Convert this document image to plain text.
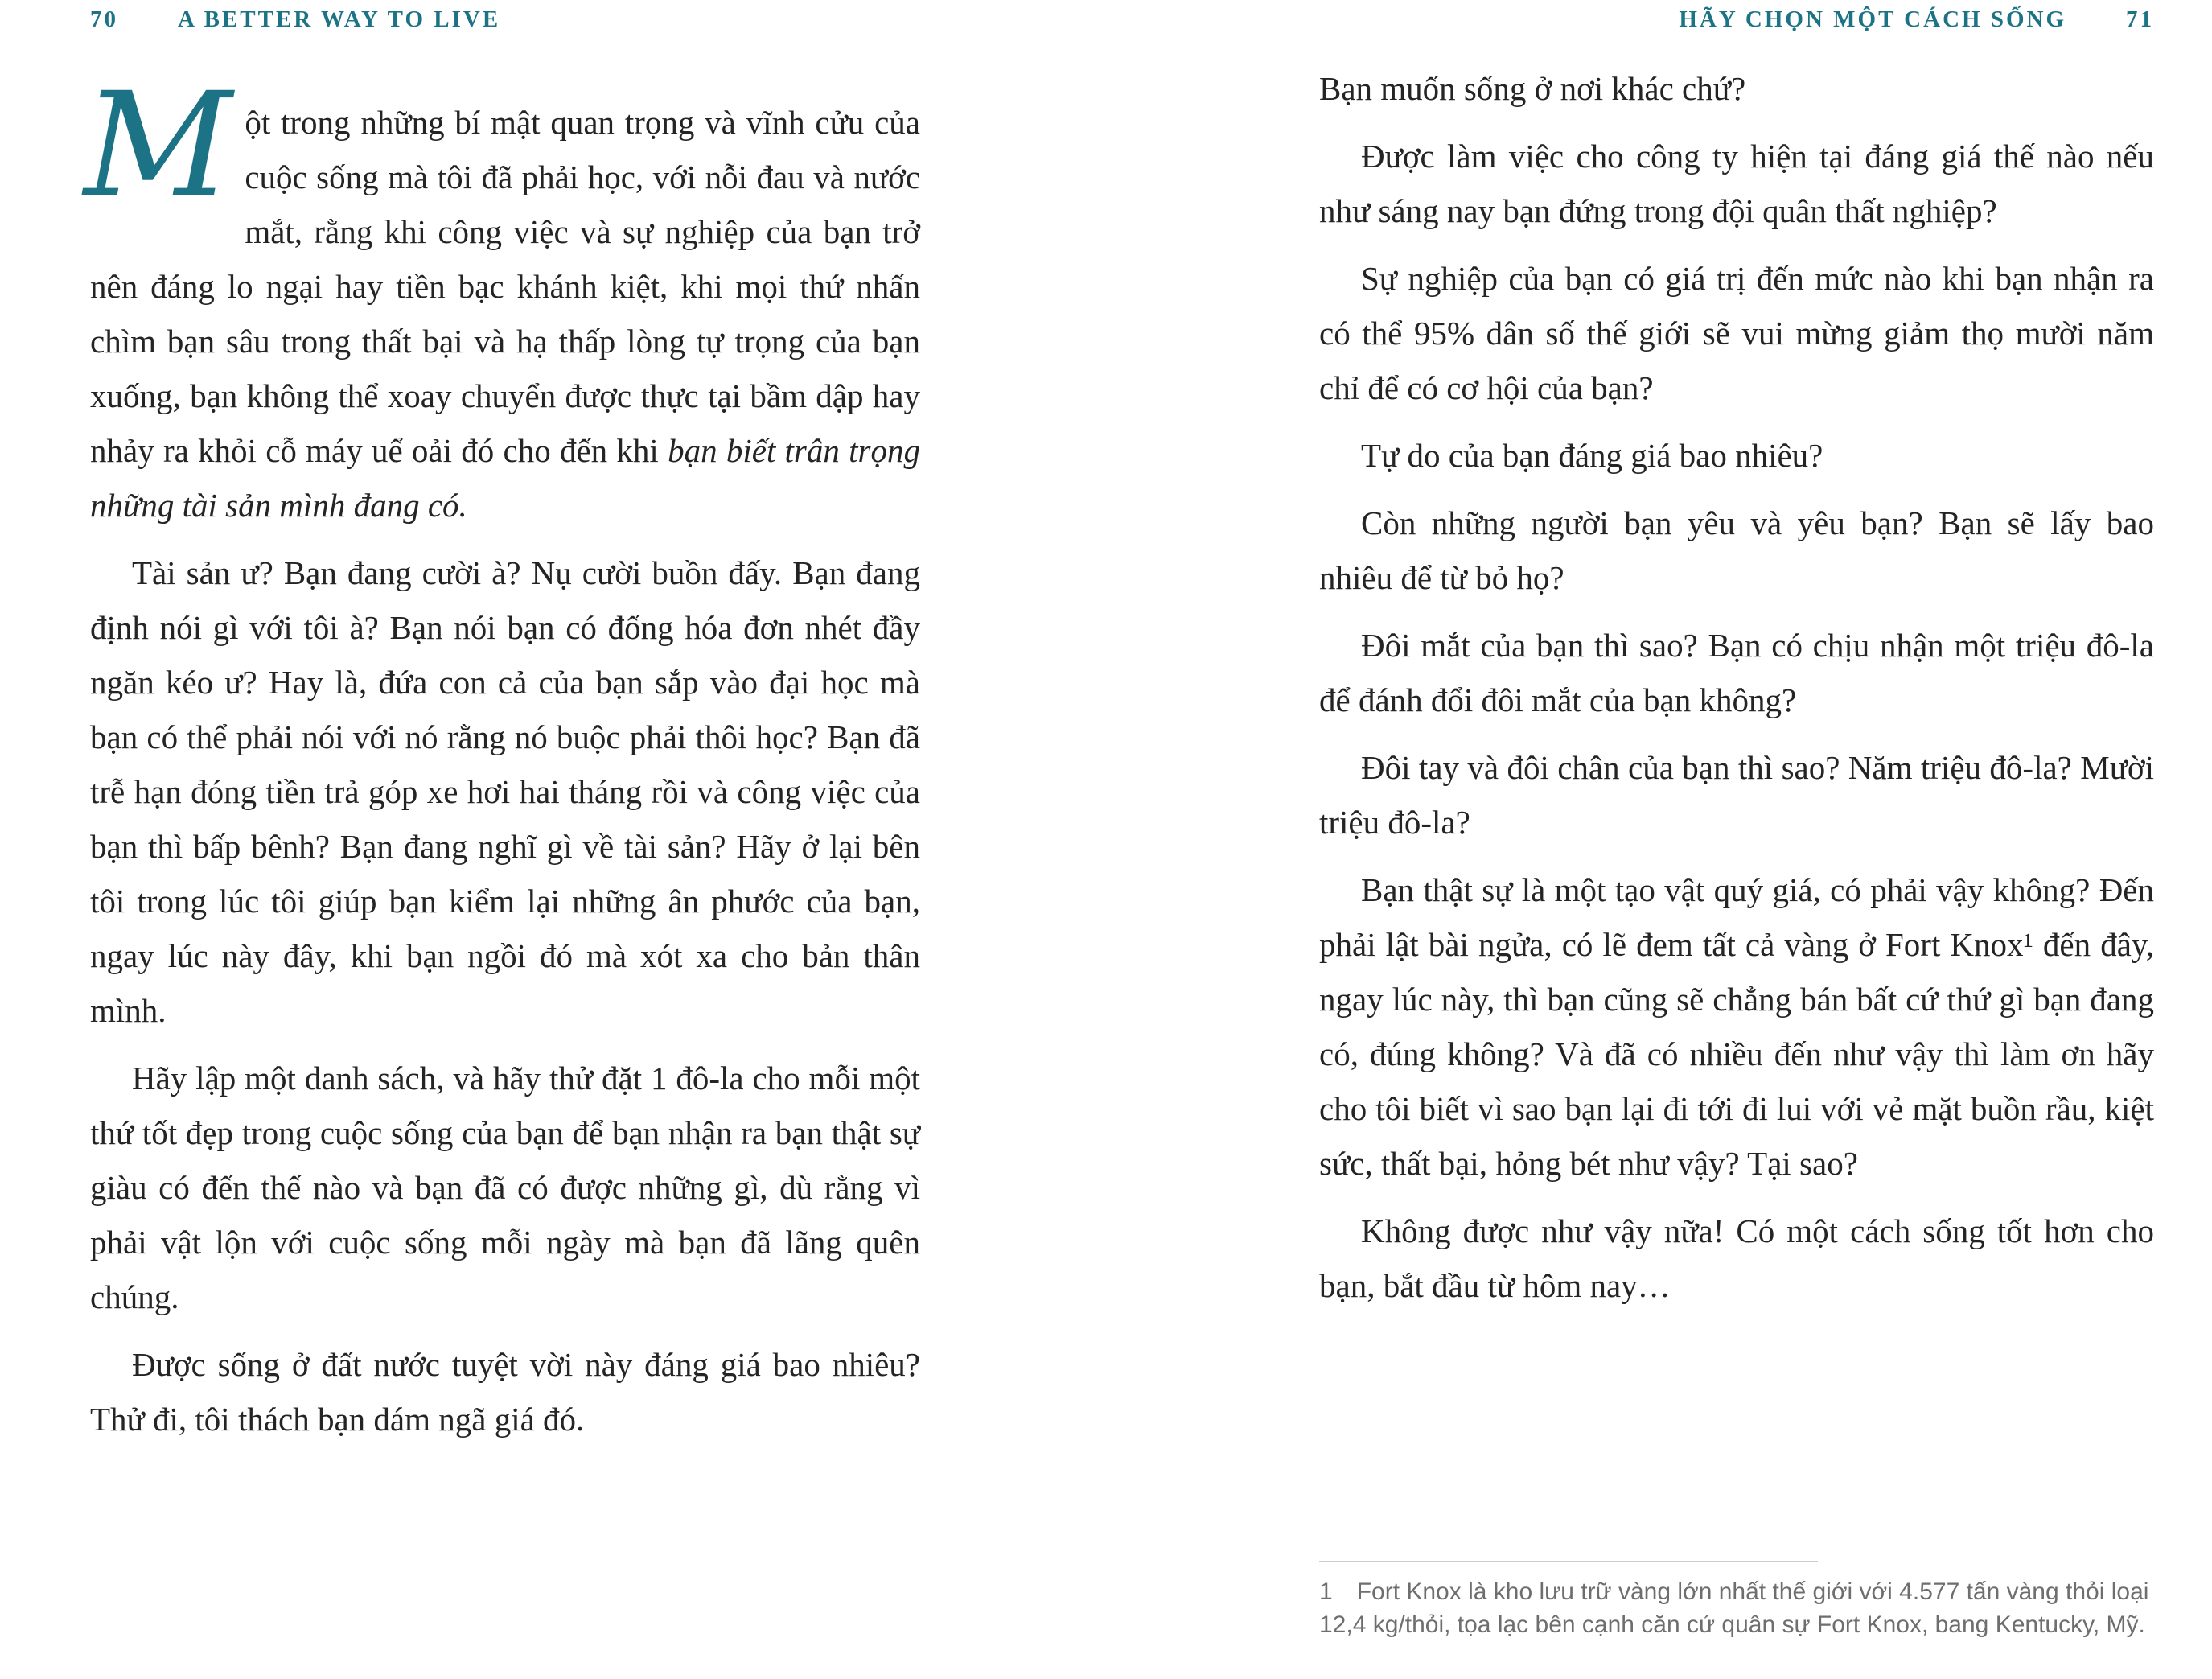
70	A BETTER WAY TO LIVE

Một trong những bí mật quan trọng và vĩnh cửu của cuộc sống mà tôi đã phải học, với nỗi đau và nước mắt, rằng khi công việc và sự nghiệp của bạn trở nên đáng lo ngại hay tiền bạc khánh kiệt, khi mọi thứ nhấn chìm bạn sâu trong thất bại và hạ thấp lòng tự trọng của bạn xuống, bạn không thể xoay chuyển được thực tại bầm dập hay nhảy ra khỏi cỗ máy uể oải đó cho đến khi bạn biết trân trọng những tài sản mình đang có.

Tài sản ư? Bạn đang cười à? Nụ cười buồn đấy. Bạn đang định nói gì với tôi à? Bạn nói bạn có đống hóa đơn nhét đầy ngăn kéo ư? Hay là, đứa con cả của bạn sắp vào đại học mà bạn có thể phải nói với nó rằng nó buộc phải thôi học? Bạn đã trễ hạn đóng tiền trả góp xe hơi hai tháng rồi và công việc của bạn thì bấp bênh? Bạn đang nghĩ gì về tài sản? Hãy ở lại bên tôi trong lúc tôi giúp bạn kiểm lại những ân phước của bạn, ngay lúc này đây, khi bạn ngồi đó mà xót xa cho bản thân mình.

Hãy lập một danh sách, và hãy thử đặt 1 đô-la cho mỗi một thứ tốt đẹp trong cuộc sống của bạn để bạn nhận ra bạn thật sự giàu có đến thế nào và bạn đã có được những gì, dù rằng vì phải vật lộn với cuộc sống mỗi ngày mà bạn đã lãng quên chúng.

Được sống ở đất nước tuyệt vời này đáng giá bao nhiêu? Thử đi, tôi thách bạn dám ngã giá đó.

HÃY CHỌN MỘT CÁCH SỐNG	71

Bạn muốn sống ở nơi khác chứ?

Được làm việc cho công ty hiện tại đáng giá thế nào nếu như sáng nay bạn đứng trong đội quân thất nghiệp?

Sự nghiệp của bạn có giá trị đến mức nào khi bạn nhận ra có thể 95% dân số thế giới sẽ vui mừng giảm thọ mười năm chỉ để có cơ hội của bạn?

Tự do của bạn đáng giá bao nhiêu?

Còn những người bạn yêu và yêu bạn? Bạn sẽ lấy bao nhiêu để từ bỏ họ?

Đôi mắt của bạn thì sao? Bạn có chịu nhận một triệu đô-la để đánh đổi đôi mắt của bạn không?

Đôi tay và đôi chân của bạn thì sao? Năm triệu đô-la? Mười triệu đô-la?

Bạn thật sự là một tạo vật quý giá, có phải vậy không? Đến phải lật bài ngửa, có lẽ đem tất cả vàng ở Fort Knox¹ đến đây, ngay lúc này, thì bạn cũng sẽ chẳng bán bất cứ thứ gì bạn đang có, đúng không? Và đã có nhiều đến như vậy thì làm ơn hãy cho tôi biết vì sao bạn lại đi tới đi lui với vẻ mặt buồn rầu, kiệt sức, thất bại, hỏng bét như vậy? Tại sao?

Không được như vậy nữa! Có một cách sống tốt hơn cho bạn, bắt đầu từ hôm nay…

1 Fort Knox là kho lưu trữ vàng lớn nhất thế giới với 4.577 tấn vàng thỏi loại 12,4 kg/thỏi, tọa lạc bên cạnh căn cứ quân sự Fort Knox, bang Kentucky, Mỹ.
